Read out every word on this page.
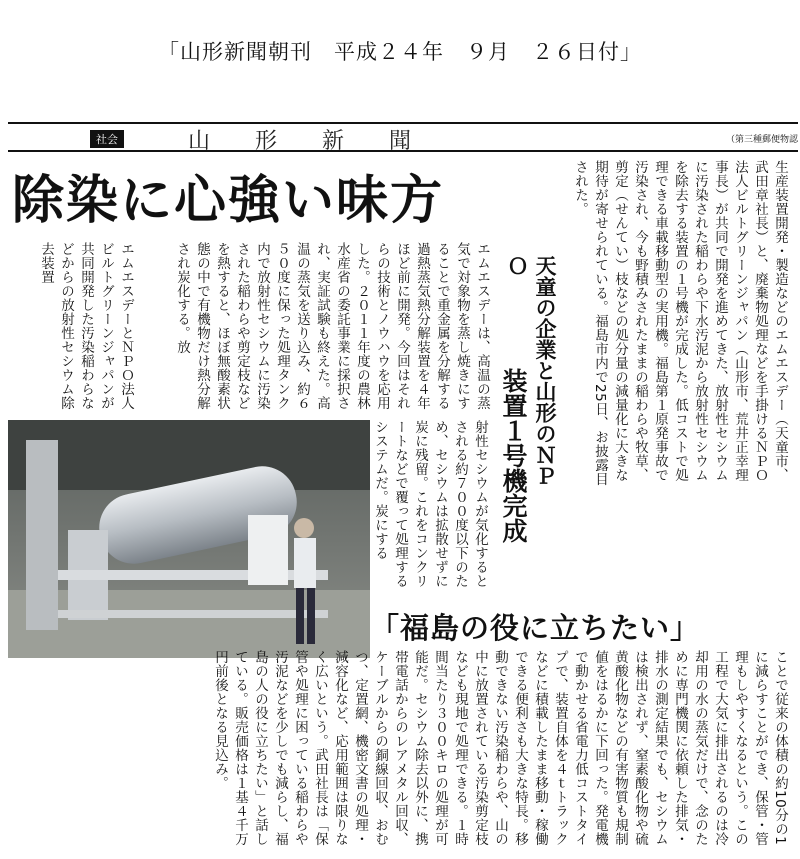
「山形新聞朝刊　平成２４年　９月　２６日付」
社会	山形新聞	（第三種郵便物認
除染に心強い味方	生産装置開発・製造などのエムエスデー（天童市、武田章社長）と、廃棄物処理などを手掛けるＮＰＯ法人ビルトグリーンジャパン（山形市、荒井正幸理事長）が共同で開発を進めてきた、放射性セシウムに汚染された稲わらや下水汚泥から放射性セシウムを除去する装置の１号機が完成した。低コストで処理できる車載移動型の実用機。福島第１原発事故で汚染され、今も野積みされたままの稲わらや牧草、剪定（せんてい）枝などの処分量の減量化に大きな期待が寄せられている。福島市内で25日、お披露目された。
天童の企業と山形のＮＰＯ
装置１号機完成
エムエスデーは、高温の蒸気で対象物を蒸し焼きにすることで重金属を分解する過熱蒸気熱分解装置を４年ほど前に開発。今回はそれらの技術とノウハウを応用した。２０１１年度の農林水産省の委託事業に採択され、実証試験も終えた。高温の蒸気を送り込み、約６５０度に保った処理タンク内で放射性セシウムに汚染された稲わらや剪定枝などを熱すると、ほぼ無酸素状態の中で有機物だけ熱分解され炭化する。放
エムエスデーとＮＰＯ法人ビルトグリーンジャパンが共同開発した汚染稲わらなどからの放射性セシウム除去装置
射性セシウムが気化するとされる約７００度以下のため、セシウムは拡散せずに炭に残留。これをコンクリートなどで覆って処理するシステムだ。炭にする
「福島の役に立ちたい」
ことで従来の体積の約10分の1に減らすことができ、保管・管理もしやすくなるという。この工程で大気に排出されるのは冷却用の水の蒸気だけで、念のために専門機関に依頼した排気・排水の測定結果でも、セシウムは検出されず、窒素酸化物や硫黄酸化物などの有害物質も規制値をはるかに下回った。発電機で動かせる省電力低コストタイプで、装置自体を４ｔトラックなどに積載したまま移動・稼働できる便利さも大きな特長。移動できない汚染稲わらや、山の中に放置されている汚染剪定枝なども現地で処理できる。１時間当たり３００キロの処理が可能だ。セシウム除去以外に、携帯電話からのレアメタル回収、ケーブルからの銅線回収、おむつ、定置網、機密文書の処理・減容化など、応用範囲は限りなく広いという。武田社長は「保管や処理に困っている稲わらや汚泥などを少しでも減らし、福島の人の役に立ちたい」と話している。販売価格は１基４千万円前後となる見込み。
